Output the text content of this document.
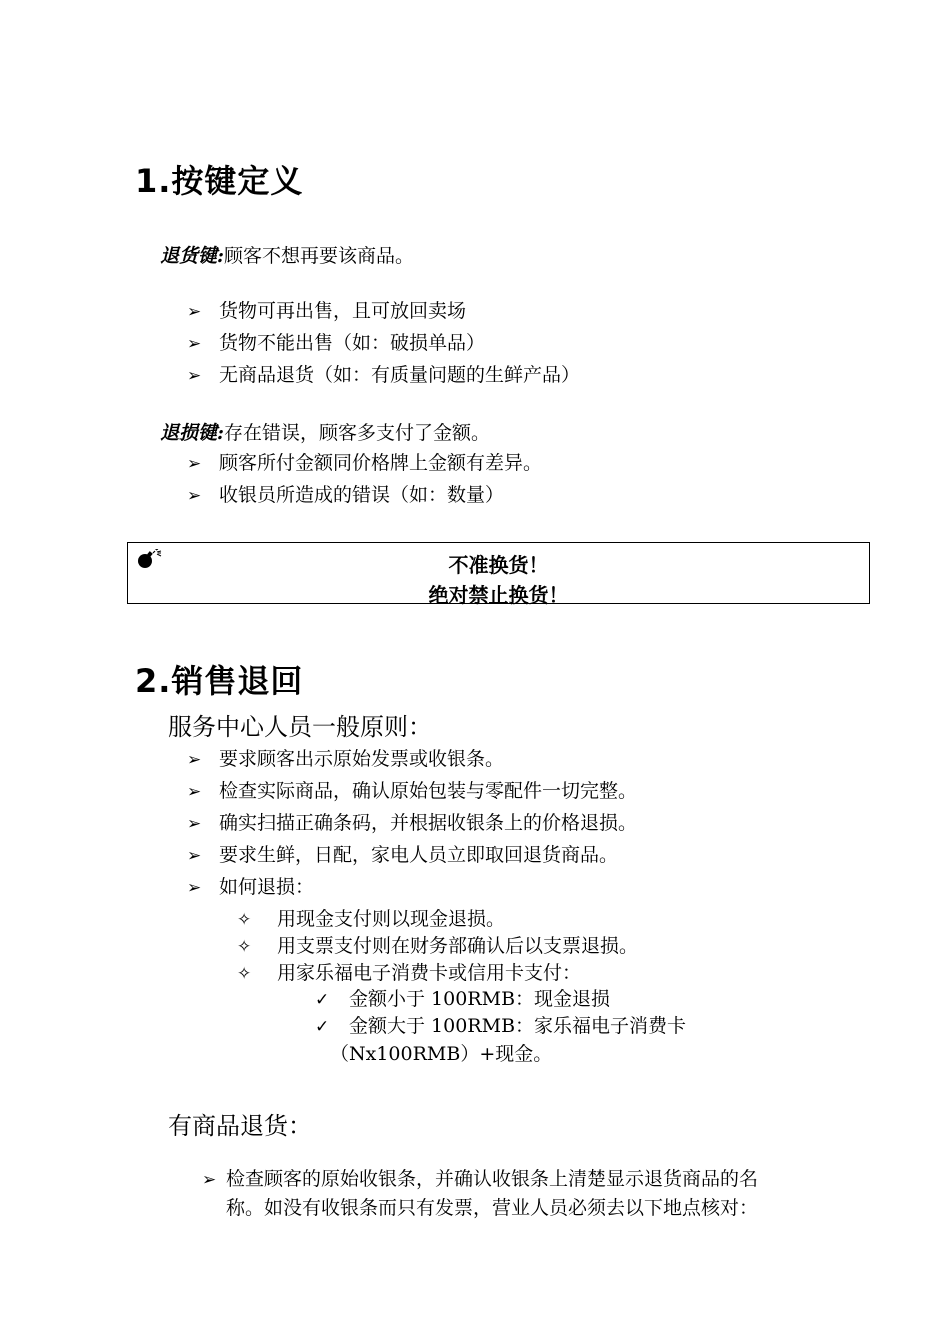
1.按键定义
退货键:顾客不想再要该商品。
➢ 货物可再出售，且可放回卖场
➢ 货物不能出售（如：破损单品）
➢ 无商品退货（如：有质量问题的生鲜产品）
退损键:存在错误，顾客多支付了金额。
➢ 顾客所付金额同价格牌上金额有差异。
➢ 收银员所造成的错误（如：数量）
不准换货！
绝对禁止换货！
2.销售退回
服务中心人员一般原则：
➢ 要求顾客出示原始发票或收银条。
➢ 检查实际商品，确认原始包装与零配件一切完整。
➢ 确实扫描正确条码，并根据收银条上的价格退损。
➢ 要求生鲜，日配，家电人员立即取回退货商品。
➢ 如何退损：
✧ 用现金支付则以现金退损。
✧ 用支票支付则在财务部确认后以支票退损。
✧ 用家乐福电子消费卡或信用卡支付：
✓ 金额小于 100RMB：现金退损
✓ 金额大于 100RMB：家乐福电子消费卡
（Nx100RMB）+现金。
有商品退货：
➢ 检查顾客的原始收银条，并确认收银条上清楚显示退货商品的名
称。如没有收银条而只有发票，营业人员必须去以下地点核对：
